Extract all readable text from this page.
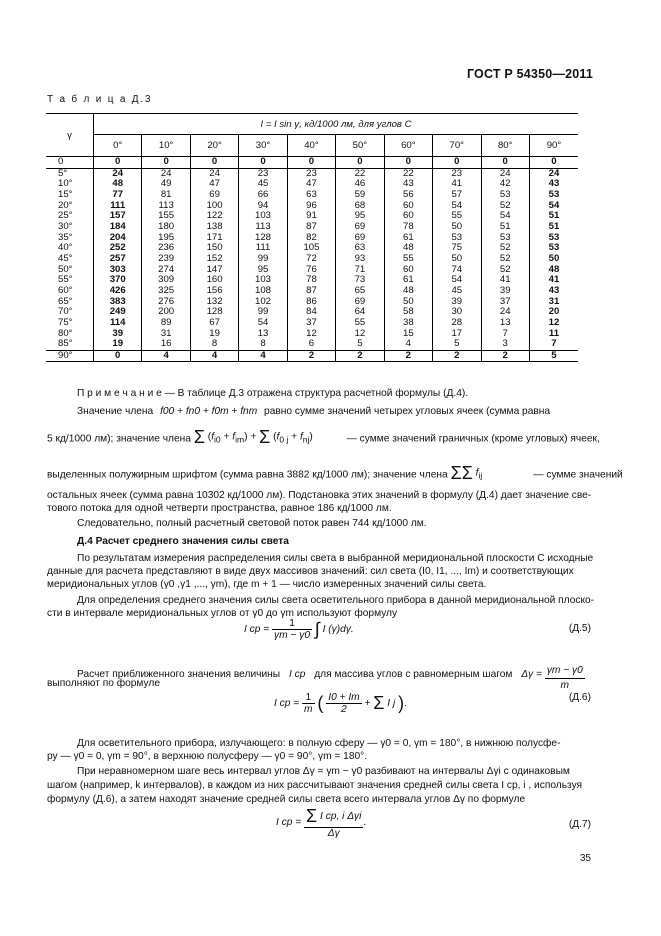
ГОСТ Р 54350—2011
Т а б л и ц а Д.3
γ	I = I sin γ, кд/1000 лм, для углов C									
	0°	10°	20°	30°	40°	50°	60°	70°	80°	90°
0	0	0	0	0	0	0	0	0	0	0
5°	24	24	24	23	23	22	22	23	24	24
10°	48	49	47	45	47	46	43	41	42	43
15°	77	81	69	66	63	59	56	57	53	53
20°	111	113	100	94	96	68	60	54	52	54
25°	157	155	122	103	91	95	60	55	54	51
30°	184	180	138	113	87	69	78	50	51	51
35°	204	195	171	128	82	69	61	53	53	53
40°	252	236	150	111	105	63	48	75	52	53
45°	257	239	152	99	72	93	55	50	52	50
50°	303	274	147	95	76	71	60	74	52	48
55°	370	309	160	103	78	73	61	54	41	41
60°	426	325	156	108	87	65	48	45	39	43
65°	383	276	132	102	86	69	50	39	37	31
70°	249	200	128	99	84	64	58	30	24	20
75°	114	89	67	54	37	55	38	28	13	12
80°	39	31	19	13	12	12	15	17	7	11
85°	19	16	8	8	6	5	4	5	3	7
90°	0	4	4	4	2	2	2	2	2	5
П р и м е ч а н и е — В таблице Д.3 отражена структура расчетной формулы (Д.4).
Значение члена f00 + fn0 + f0m + fnm равно сумме значений четырех угловых ячеек (сумма равна
5 кд/1000 лм); значение члена Σ $(f_{i0} + f_{im}) + \Sigma$ $(f_{0 j} + f_{nj})$	— сумме значений граничных (кроме угловых) ячеек,
выделенных полужирным шрифтом (сумма равна 3882 кд/1000 лм); значение члена ΣΣ $f_{ij}$	— сумме значений
остальных ячеек (сумма равна 10302 кд/1000 лм). Подстановка этих значений в формулу (Д.4) дает значение све-
тового потока для одной четверти пространства, равное 186 кд/1000 лм.
Следовательно, полный расчетный световой поток равен 744 кд/1000 лм.
Д.4 Расчет среднего значения силы света
По результатам измерения распределения силы света в выбранной меридиональной плоскости C исходные
данные для расчета представляют в виде двух массивов значений: сил света (I0, I1, ..., Im) и соответствующих
меридиональных углов (γ0 ,γ1 ,..., γm), где m + 1 — число измеренных значений силы света.
Для определения среднего значения силы света осветительного прибора в данной меридиональной плоско-
сти в интервале меридиональных углов от γ0 до γm используют формулу
I ср = $\frac{1}{\gamma m - \gamma 0}$ ∫ I (γ)dγ.	(Д.5)
Расчет приближенного значения величины I ср для массива углов с равномерным шагом $\Delta\gamma = \frac{\gamma m - \gamma 0}{m}$
выполняют по формуле
I ср = $\frac{1}{m}$ ( $\frac{I0 + Im}{2} + \Sigma$ I j ).
(Д.6)
Для осветительного прибора, излучающего: в полную сферу — γ0 = 0, γm = 180°, в нижнюю полусфе-
ру — γ0 = 0, γm = 90°, в верхнюю полусферу — γ0 = 90°, γm = 180°.
При неравномерном шаге весь интервал углов Δγ = γm − γ0 разбивают на интервалы Δγi с одинаковым
шагом (например, k интервалов), в каждом из них рассчитывают значения средней силы света I ср, i , используя
формулу (Д.6), а затем находят значение средней силы света всего интервала углов Δγ по формуле
I ср = $\frac{\text{Σ I ср, i Δγi}}{\Delta\gamma}$ .	(Д.7)
35
